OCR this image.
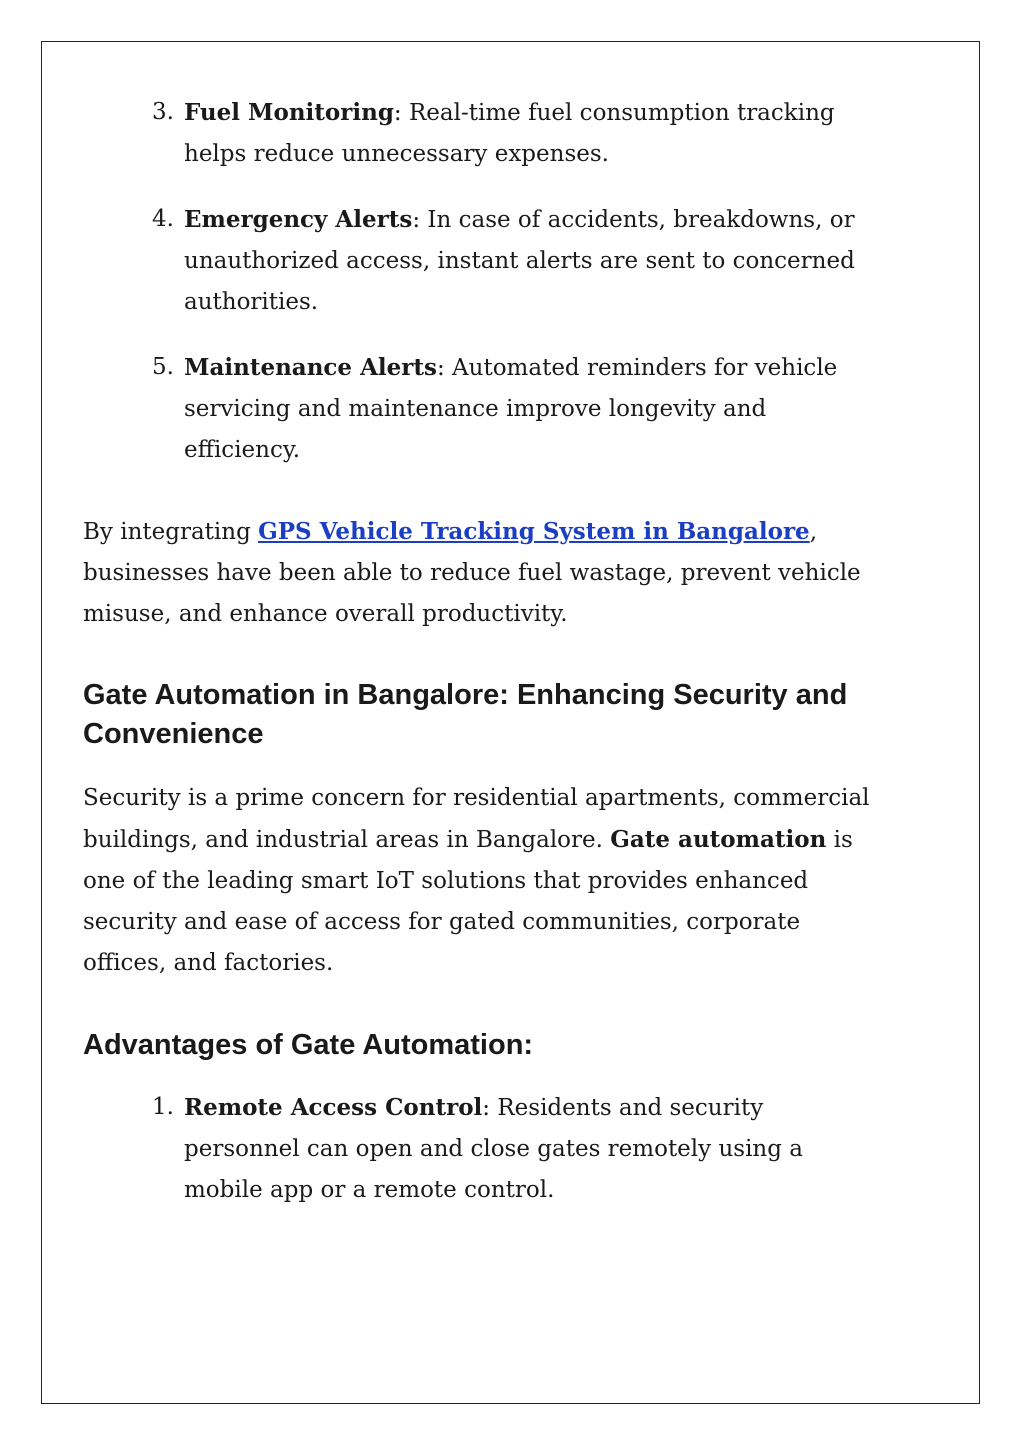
3. Fuel Monitoring: Real-time fuel consumption tracking helps reduce unnecessary expenses.
4. Emergency Alerts: In case of accidents, breakdowns, or unauthorized access, instant alerts are sent to concerned authorities.
5. Maintenance Alerts: Automated reminders for vehicle servicing and maintenance improve longevity and efficiency.

By integrating GPS Vehicle Tracking System in Bangalore, businesses have been able to reduce fuel wastage, prevent vehicle misuse, and enhance overall productivity.

Gate Automation in Bangalore: Enhancing Security and Convenience

Security is a prime concern for residential apartments, commercial buildings, and industrial areas in Bangalore. Gate automation is one of the leading smart IoT solutions that provides enhanced security and ease of access for gated communities, corporate offices, and factories.

Advantages of Gate Automation:
1. Remote Access Control: Residents and security personnel can open and close gates remotely using a mobile app or a remote control.
